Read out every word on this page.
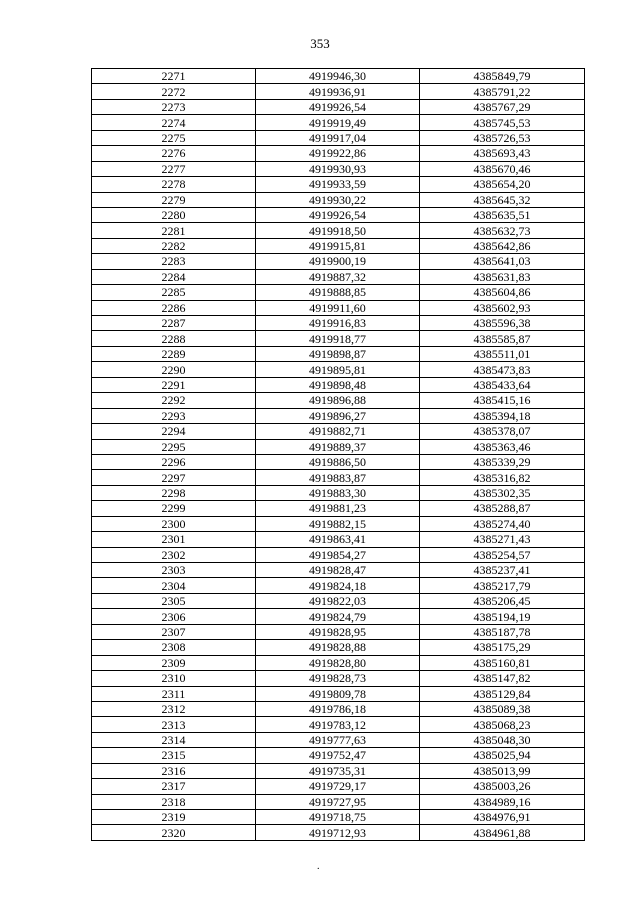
353
2271	4919946,30	4385849,79
2272	4919936,91	4385791,22
2273	4919926,54	4385767,29
2274	4919919,49	4385745,53
2275	4919917,04	4385726,53
2276	4919922,86	4385693,43
2277	4919930,93	4385670,46
2278	4919933,59	4385654,20
2279	4919930,22	4385645,32
2280	4919926,54	4385635,51
2281	4919918,50	4385632,73
2282	4919915,81	4385642,86
2283	4919900,19	4385641,03
2284	4919887,32	4385631,83
2285	4919888,85	4385604,86
2286	4919911,60	4385602,93
2287	4919916,83	4385596,38
2288	4919918,77	4385585,87
2289	4919898,87	4385511,01
2290	4919895,81	4385473,83
2291	4919898,48	4385433,64
2292	4919896,88	4385415,16
2293	4919896,27	4385394,18
2294	4919882,71	4385378,07
2295	4919889,37	4385363,46
2296	4919886,50	4385339,29
2297	4919883,87	4385316,82
2298	4919883,30	4385302,35
2299	4919881,23	4385288,87
2300	4919882,15	4385274,40
2301	4919863,41	4385271,43
2302	4919854,27	4385254,57
2303	4919828,47	4385237,41
2304	4919824,18	4385217,79
2305	4919822,03	4385206,45
2306	4919824,79	4385194,19
2307	4919828,95	4385187,78
2308	4919828,88	4385175,29
2309	4919828,80	4385160,81
2310	4919828,73	4385147,82
2311	4919809,78	4385129,84
2312	4919786,18	4385089,38
2313	4919783,12	4385068,23
2314	4919777,63	4385048,30
2315	4919752,47	4385025,94
2316	4919735,31	4385013,99
2317	4919729,17	4385003,26
2318	4919727,95	4384989,16
2319	4919718,75	4384976,91
2320	4919712,93	4384961,88
.
